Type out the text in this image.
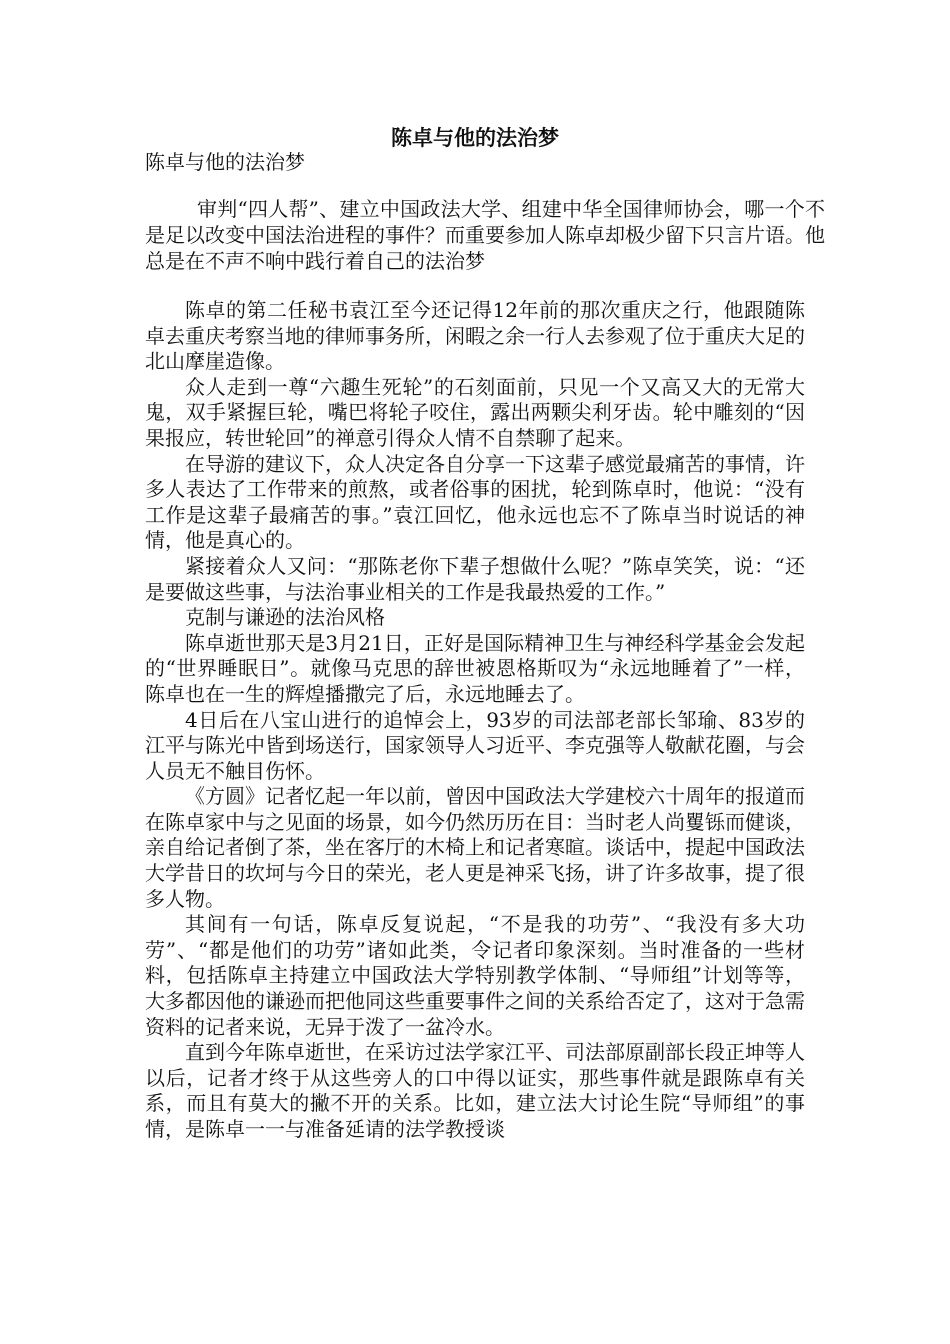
陈卓与他的法治梦
陈卓与他的法治梦

审判“四人帮”、建立中国政法大学、组建中华全国律师协会，哪一个不是足以改变中国法治进程的事件？而重要参加人陈卓却极少留下只言片语。他总是在不声不响中践行着自己的法治梦

陈卓的第二任秘书袁江至今还记得12年前的那次重庆之行，他跟随陈卓去重庆考察当地的律师事务所，闲暇之余一行人去参观了位于重庆大足的北山摩崖造像。

众人走到一尊“六趣生死轮”的石刻面前，只见一个又高又大的无常大鬼，双手紧握巨轮，嘴巴将轮子咬住，露出两颗尖利牙齿。轮中雕刻的“因果报应，转世轮回”的禅意引得众人情不自禁聊了起来。

在导游的建议下，众人决定各自分享一下这辈子感觉最痛苦的事情，许多人表达了工作带来的煎熬，或者俗事的困扰，轮到陈卓时，他说：“没有工作是这辈子最痛苦的事。”袁江回忆，他永远也忘不了陈卓当时说话的神情，他是真心的。

紧接着众人又问：“那陈老你下辈子想做什么呢？”陈卓笑笑，说：“还是要做这些事，与法治事业相关的工作是我最热爱的工作。”

克制与谦逊的法治风格

陈卓逝世那天是3月21日，正好是国际精神卫生与神经科学基金会发起的“世界睡眠日”。就像马克思的辞世被恩格斯叹为“永远地睡着了”一样，陈卓也在一生的辉煌播撒完了后，永远地睡去了。

4日后在八宝山进行的追悼会上，93岁的司法部老部长邹瑜、83岁的江平与陈光中皆到场送行，国家领导人习近平、李克强等人敬献花圈，与会人员无不触目伤怀。

《方圆》记者忆起一年以前，曾因中国政法大学建校六十周年的报道而在陈卓家中与之见面的场景，如今仍然历历在目：当时老人尚矍铄而健谈，亲自给记者倒了茶，坐在客厅的木椅上和记者寒暄。谈话中，提起中国政法大学昔日的坎坷与今日的荣光，老人更是神采飞扬，讲了许多故事，提了很多人物。

其间有一句话，陈卓反复说起，“不是我的功劳”、“我没有多大功劳”、“都是他们的功劳”诸如此类，令记者印象深刻。当时准备的一些材料，包括陈卓主持建立中国政法大学特别教学体制、“导师组”计划等等，大多都因他的谦逊而把他同这些重要事件之间的关系给否定了，这对于急需资料的记者来说，无异于泼了一盆冷水。

直到今年陈卓逝世，在采访过法学家江平、司法部原副部长段正坤等人以后，记者才终于从这些旁人的口中得以证实，那些事件就是跟陈卓有关系，而且有莫大的撇不开的关系。比如，建立法大讨论生院“导师组”的事情，是陈卓一一与准备延请的法学教授谈
